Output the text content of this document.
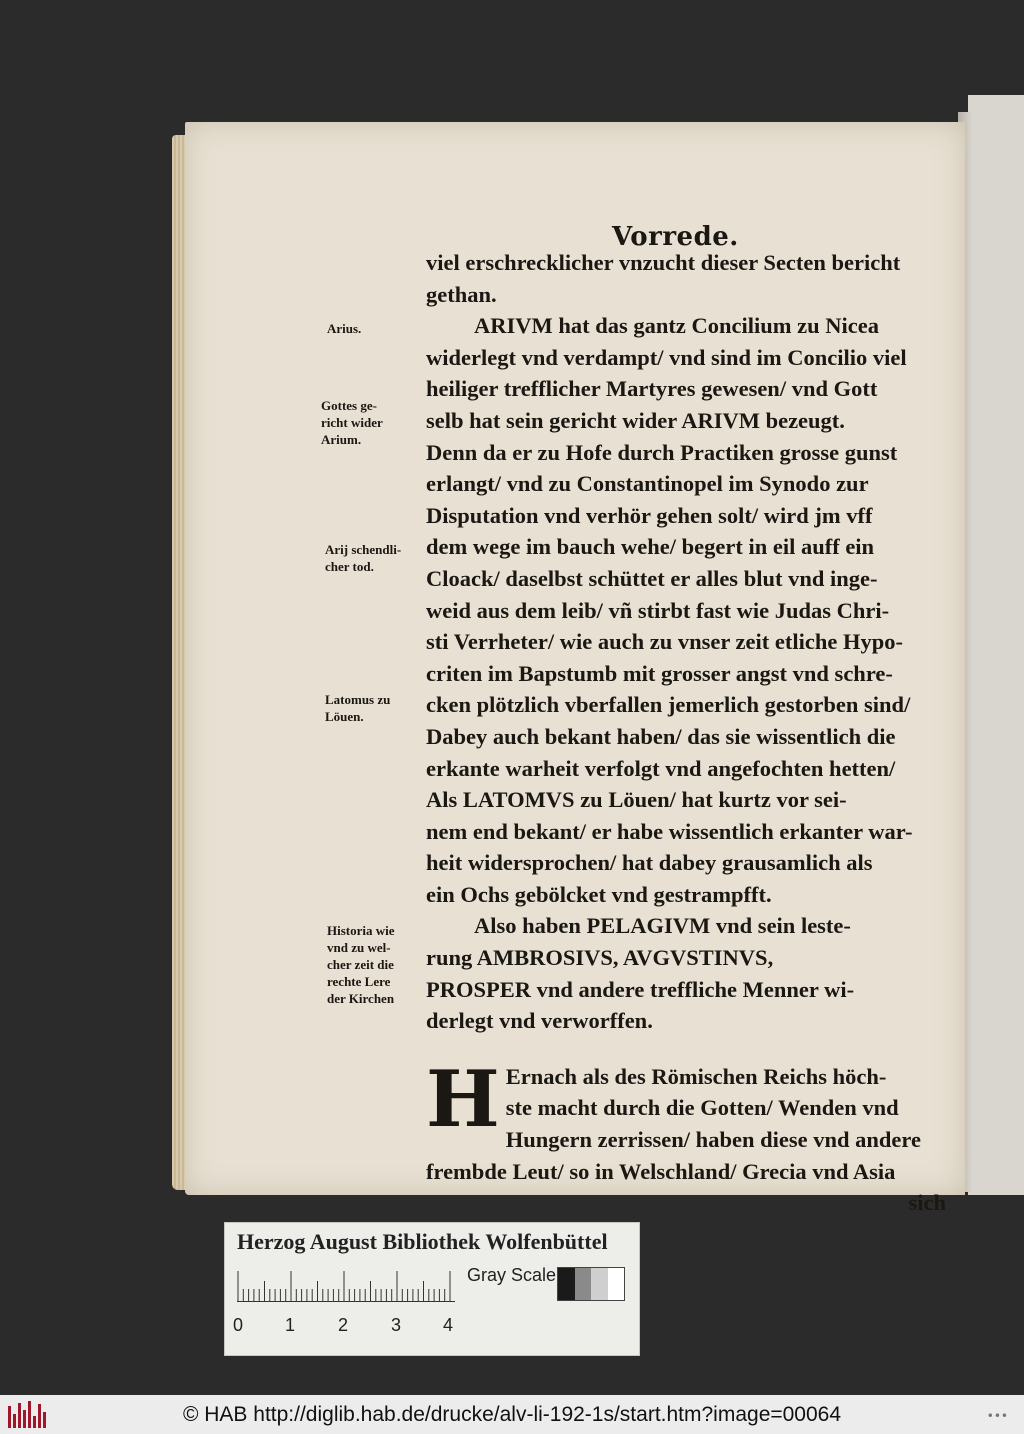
Vorrede.
viel erschrecklicher vnzucht dieser Secten bericht
gethan.
ARIVM hat das gantz Concilium zu Nicea
widerlegt vnd verdampt/ vnd sind im Concilio viel
heiliger trefflicher Martyres gewesen/ vnd Gott
selb hat sein gericht wider ARIVM bezeugt.
Denn da er zu Hofe durch Practiken grosse gunst
erlangt/ vnd zu Constantinopel im Synodo zur
Disputation vnd verhör gehen solt/ wird jm vff
dem wege im bauch wehe/ begert in eil auff ein
Cloack/ daselbst schüttet er alles blut vnd inge-
weid aus dem leib/ vñ stirbt fast wie Judas Chri-
sti Verrheter/ wie auch zu vnser zeit etliche Hypo-
criten im Bapstumb mit grosser angst vnd schre-
cken plötzlich vberfallen jemerlich gestorben sind/
Dabey auch bekant haben/ das sie wissentlich die
erkante warheit verfolgt vnd angefochten hetten/
Als LATOMVS zu Löuen/ hat kurtz vor sei-
nem end bekant/ er habe wissentlich erkanter war-
heit widersprochen/ hat dabey grausamlich als
ein Ochs gebölcket vnd gestrampfft.
Also haben PELAGIVM vnd sein leste-
rung AMBROSIVS, AVGVSTINVS,
PROSPER vnd andere treffliche Menner wi-
derlegt vnd verworffen.
H Ernach als des Römischen Reichs höch-
ste macht durch die Gotten/ Wenden vnd
Hungern zerrissen/ haben diese vnd andere
frembde Leut/ so in Welschland/ Grecia vnd Asia
sich
Arius.
Gottes ge-
richt wider
Arium.
Arij schendli-
cher tod.
Latomus zu
Löuen.
Historia wie
vnd zu wel-
cher zeit die
rechte Lere
der Kirchen
Herzog August Bibliothek Wolfenbüttel
Gray Scale
0 1 2 3 4
© HAB http://diglib.hab.de/drucke/alv-li-192-1s/start.htm?image=00064	•••
